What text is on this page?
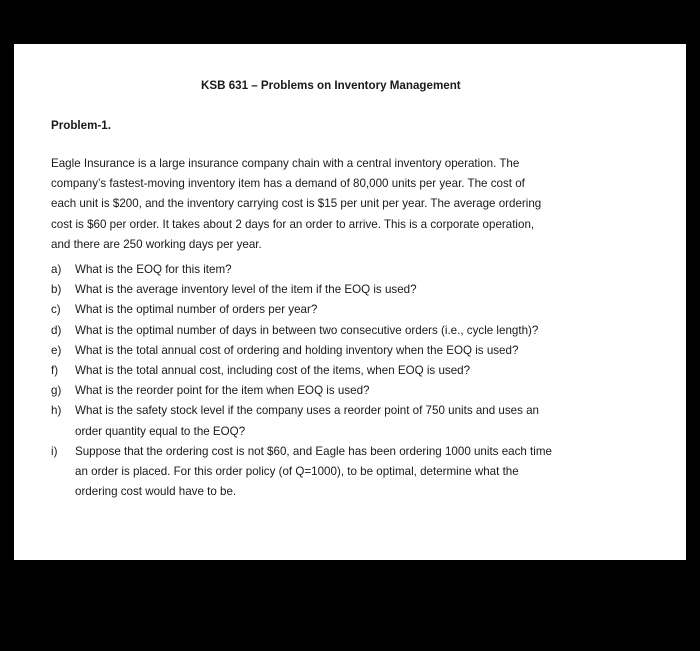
KSB 631 – Problems on Inventory Management
Problem-1.
Eagle Insurance is a large insurance company chain with a central inventory operation. The
company’s fastest-moving inventory item has a demand of 80,000 units per year. The cost of
each unit is $200, and the inventory carrying cost is $15 per unit per year. The average ordering
cost is $60 per order. It takes about 2 days for an order to arrive. This is a corporate operation,
and there are 250 working days per year.
a)	What is the EOQ for this item?
b)	What is the average inventory level of the item if the EOQ is used?
c)	What is the optimal number of orders per year?
d)	What is the optimal number of days in between two consecutive orders (i.e., cycle length)?
e)	What is the total annual cost of ordering and holding inventory when the EOQ is used?
f)	What is the total annual cost, including cost of the items, when EOQ is used?
g)	What is the reorder point for the item when EOQ is used?
h)	What is the safety stock level if the company uses a reorder point of 750 units and uses an
order quantity equal to the EOQ?
i)	Suppose that the ordering cost is not $60, and Eagle has been ordering 1000 units each time
an order is placed. For this order policy (of Q=1000), to be optimal, determine what the
ordering cost would have to be.
